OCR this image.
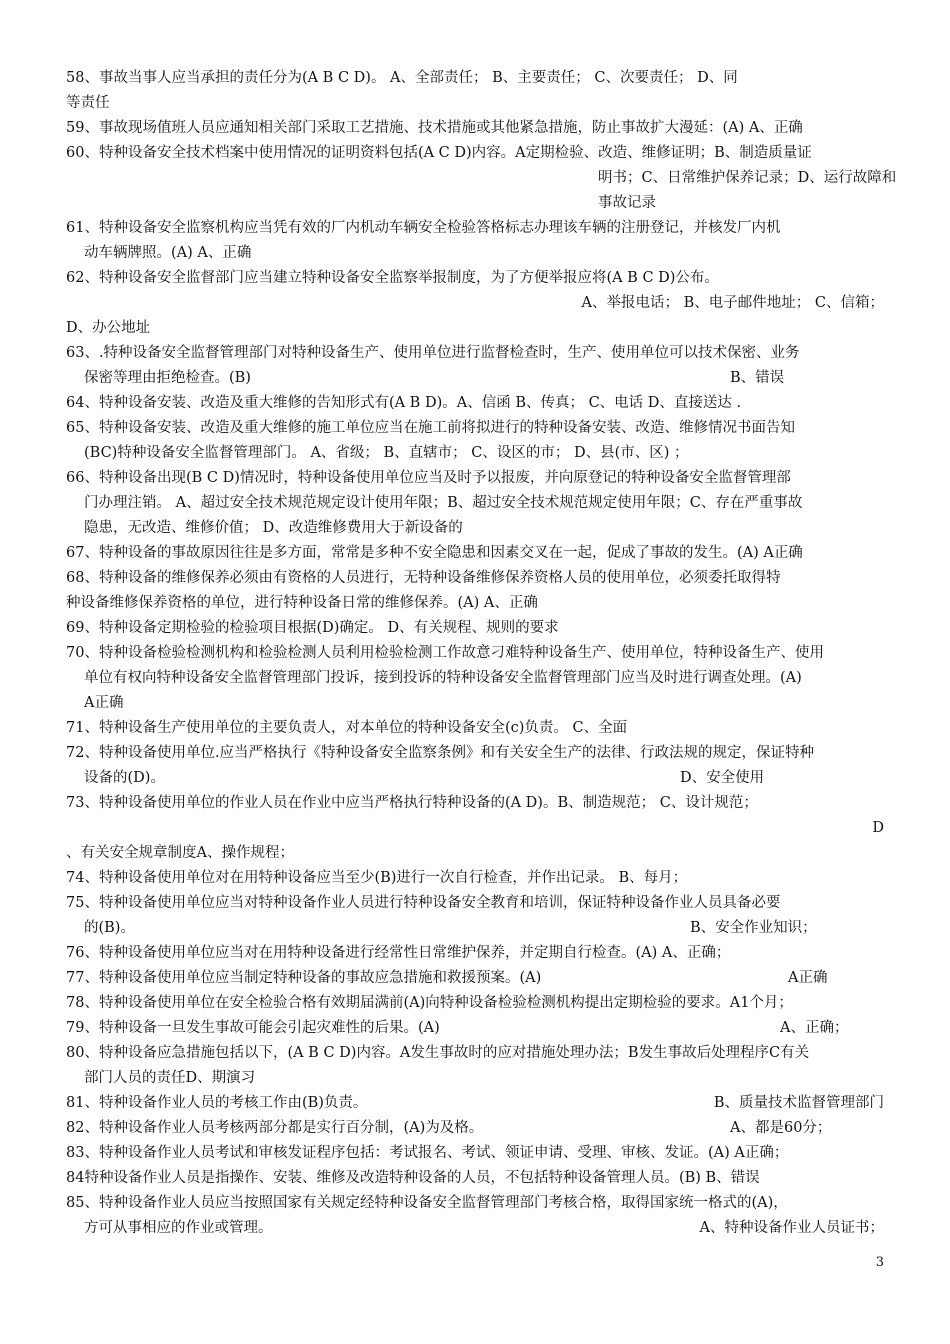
58、事故当事人应当承担的责任分为(A B C D)。 A、全部责任； B、主要责任； C、次要责任； D、同
等责任
59、事故现场值班人员应通知相关部门采取工艺措施、技术措施或其他紧急措施，防止事故扩大漫延：(A) A、正确
60、特种设备安全技术档案中使用情况的证明资料包括(A C D)内容。A定期检验、改造、维修证明；B、制造质量证
明书；C、日常维护保养记录；D、运行故障和
事故记录
61、特种设备安全监察机构应当凭有效的厂内机动车辆安全检验答格标志办理该车辆的注册登记，并核发厂内机
动车辆牌照。(A) A、正确
62、特种设备安全监督部门应当建立特种设备安全监察举报制度，为了方便举报应将(A B C D)公布。
A、举报电话； B、电子邮件地址； C、信箱；
D、办公地址
63、.特种设备安全监督管理部门对特种设备生产、使用单位进行监督检查时，生产、使用单位可以技术保密、业务
保密等理由拒绝检查。(B)	B、错误
64、特种设备安装、改造及重大维修的告知形式有(A B D)。A、信函 B、传真； C、电话 D、直接送达 .
65、特种设备安装、改造及重大维修的施工单位应当在施工前将拟进行的特种设备安装、改造、维修情况书面告知
(BC)特种设备安全监督管理部门。 A、省级； B、直辖市； C、设区的市； D、县(市、区) ；
66、特种设备出现(B C D)情况时，特种设备使用单位应当及时予以报废，并向原登记的特种设备安全监督管理部
门办理注销。 A、超过安全技术规范规定设计使用年限；B、超过安全技术规范规定使用年限；C、存在严重事故
隐患，无改造、维修价值； D、改造维修费用大于新设备的
67、特种设备的事故原因往往是多方面，常常是多种不安全隐患和因素交叉在一起，促成了事故的发生。(A) A正确
68、特种设备的维修保养必须由有资格的人员进行，无特种设备维修保养资格人员的使用单位，必须委托取得特
种设备维修保养资格的单位，进行特种设备日常的维修保养。(A) A、正确
69、特种设备定期检验的检验项目根据(D)确定。 D、有关规程、规则的要求
70、特种设备检验检测机构和检验检测人员利用检验检测工作故意刁难特种设备生产、使用单位，特种设备生产、使用
单位有权向特种设备安全监督管理部门投诉，接到投诉的特种设备安全监督管理部门应当及时进行调查处理。(A)
A正确
71、特种设备生产使用单位的主要负责人，对本单位的特种设备安全(c)负责。 C、全面
72、特种设备使用单位.应当严格执行《特种设备安全监察条例》和有关安全生产的法律、行政法规的规定，保证特种
设备的(D)。	D、安全使用
73、特种设备使用单位的作业人员在作业中应当严格执行特种设备的(A D)。B、制造规范； C、设计规范；
D
、有关安全规章制度A、操作规程；
74、特种设备使用单位对在用特种设备应当至少(B)进行一次自行检查，并作出记录。 B、每月；
75、特种设备使用单位应当对特种设备作业人员进行特种设备安全教育和培训，保证特种设备作业人员具备必要
的(B)。	B、安全作业知识；
76、特种设备使用单位应当对在用特种设备进行经常性日常维护保养，并定期自行检查。(A) A、正确；
77、特种设备使用单位应当制定特种设备的事故应急措施和救援预案。(A)	A正确
78、特种设备使用单位在安全检验合格有效期届满前(A)向特种设备检验检测机构提出定期检验的要求。A1个月；
79、特种设备一旦发生事故可能会引起灾难性的后果。(A)	A、正确；
80、特种设备应急措施包括以下，(A B C D)内容。A发生事故时的应对措施处理办法；B发生事故后处理程序C有关
部门人员的责任D、期演习
81、特种设备作业人员的考核工作由(B)负责。	B、质量技术监督管理部门
82、特种设备作业人员考核两部分都是实行百分制，(A)为及格。	A、都是60分；
83、特种设备作业人员考试和审核发证程序包括：考试报名、考试、领证申请、受理、审核、发证。(A) A正确；
84特种设备作业人员是指操作、安装、维修及改造特种设备的人员，不包括特种设备管理人员。(B) B、错误
85、特种设备作业人员应当按照国家有关规定经特种设备安全监督管理部门考核合格，取得国家统一格式的(A)，
方可从事相应的作业或管理。	A、特种设备作业人员证书；
3
